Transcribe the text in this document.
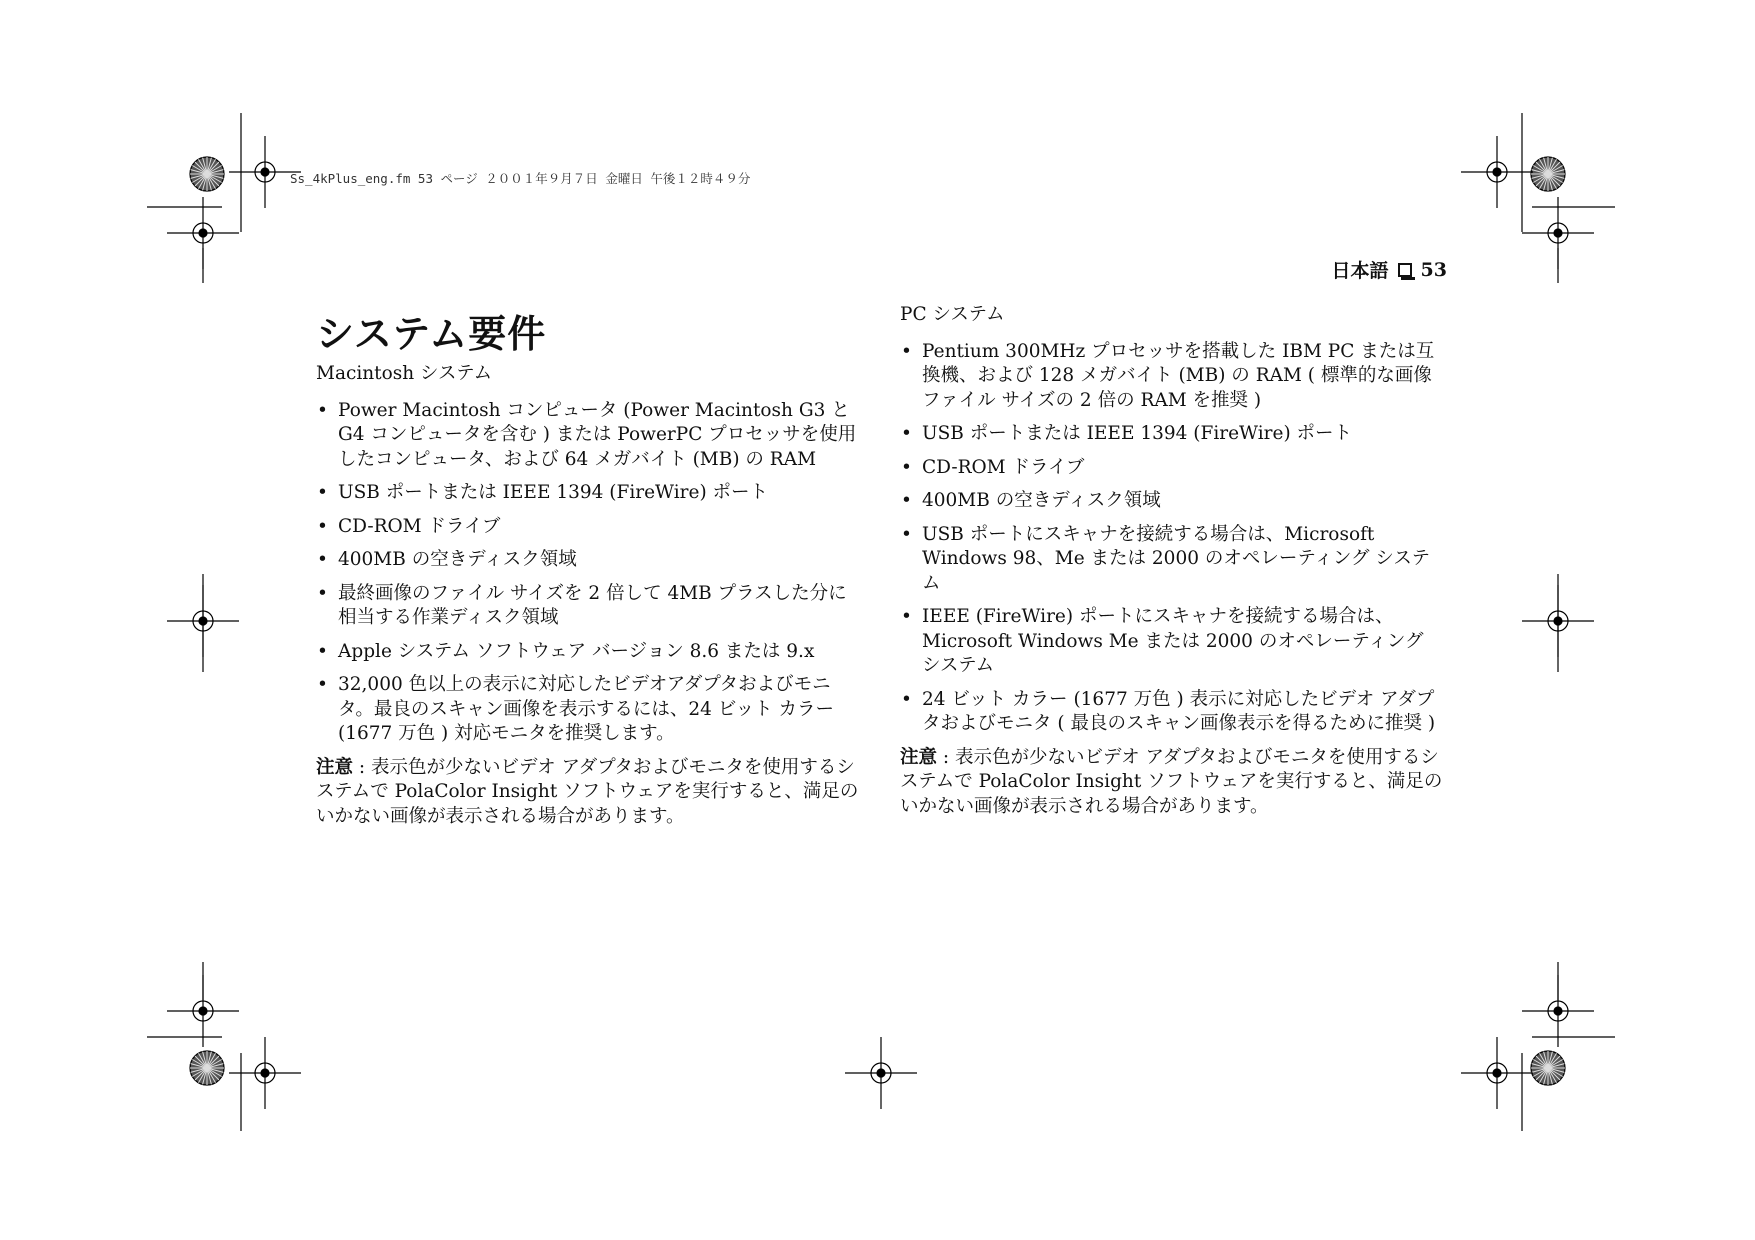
Ss_4kPlus_eng.fm 53 ページ ２００１年９月７日 金曜日 午後１２時４９分
日本語 53
システム要件

Macintosh システム

• Power Macintosh コンピュータ (Power Macintosh G3 と G4 コンピュータを含む ) または PowerPC プロセッサを使用したコンピュータ、および 64 メガバイト (MB) の RAM
• USB ポートまたは IEEE 1394 (FireWire) ポート
• CD-ROM ドライブ
• 400MB の空きディスク領域
• 最終画像のファイル サイズを 2 倍して 4MB プラスした分に相当する作業ディスク領域
• Apple システム ソフトウェア バージョン 8.6 または 9.x
• 32,000 色以上の表示に対応したビデオアダプタおよびモニタ。最良のスキャン画像を表示するには、24 ビット カラー (1677 万色 ) 対応モニタを推奨します。

注意 : 表示色が少ないビデオ アダプタおよびモニタを使用するシステムで PolaColor Insight ソフトウェアを実行すると、満足のいかない画像が表示される場合があります。

PC システム

• Pentium 300MHz プロセッサを搭載した IBM PC または互換機、および 128 メガバイト (MB) の RAM ( 標準的な画像ファイル サイズの 2 倍の RAM を推奨 )
• USB ポートまたは IEEE 1394 (FireWire) ポート
• CD-ROM ドライブ
• 400MB の空きディスク領域
• USB ポートにスキャナを接続する場合は、Microsoft Windows 98、Me または 2000 のオペレーティング システム
• IEEE (FireWire) ポートにスキャナを接続する場合は、Microsoft Windows Me または 2000 のオペレーティング システム
• 24 ビット カラー (1677 万色 ) 表示に対応したビデオ アダプタおよびモニタ ( 最良のスキャン画像表示を得るために推奨 )

注意 : 表示色が少ないビデオ アダプタおよびモニタを使用するシステムで PolaColor Insight ソフトウェアを実行すると、満足のいかない画像が表示される場合があります。
